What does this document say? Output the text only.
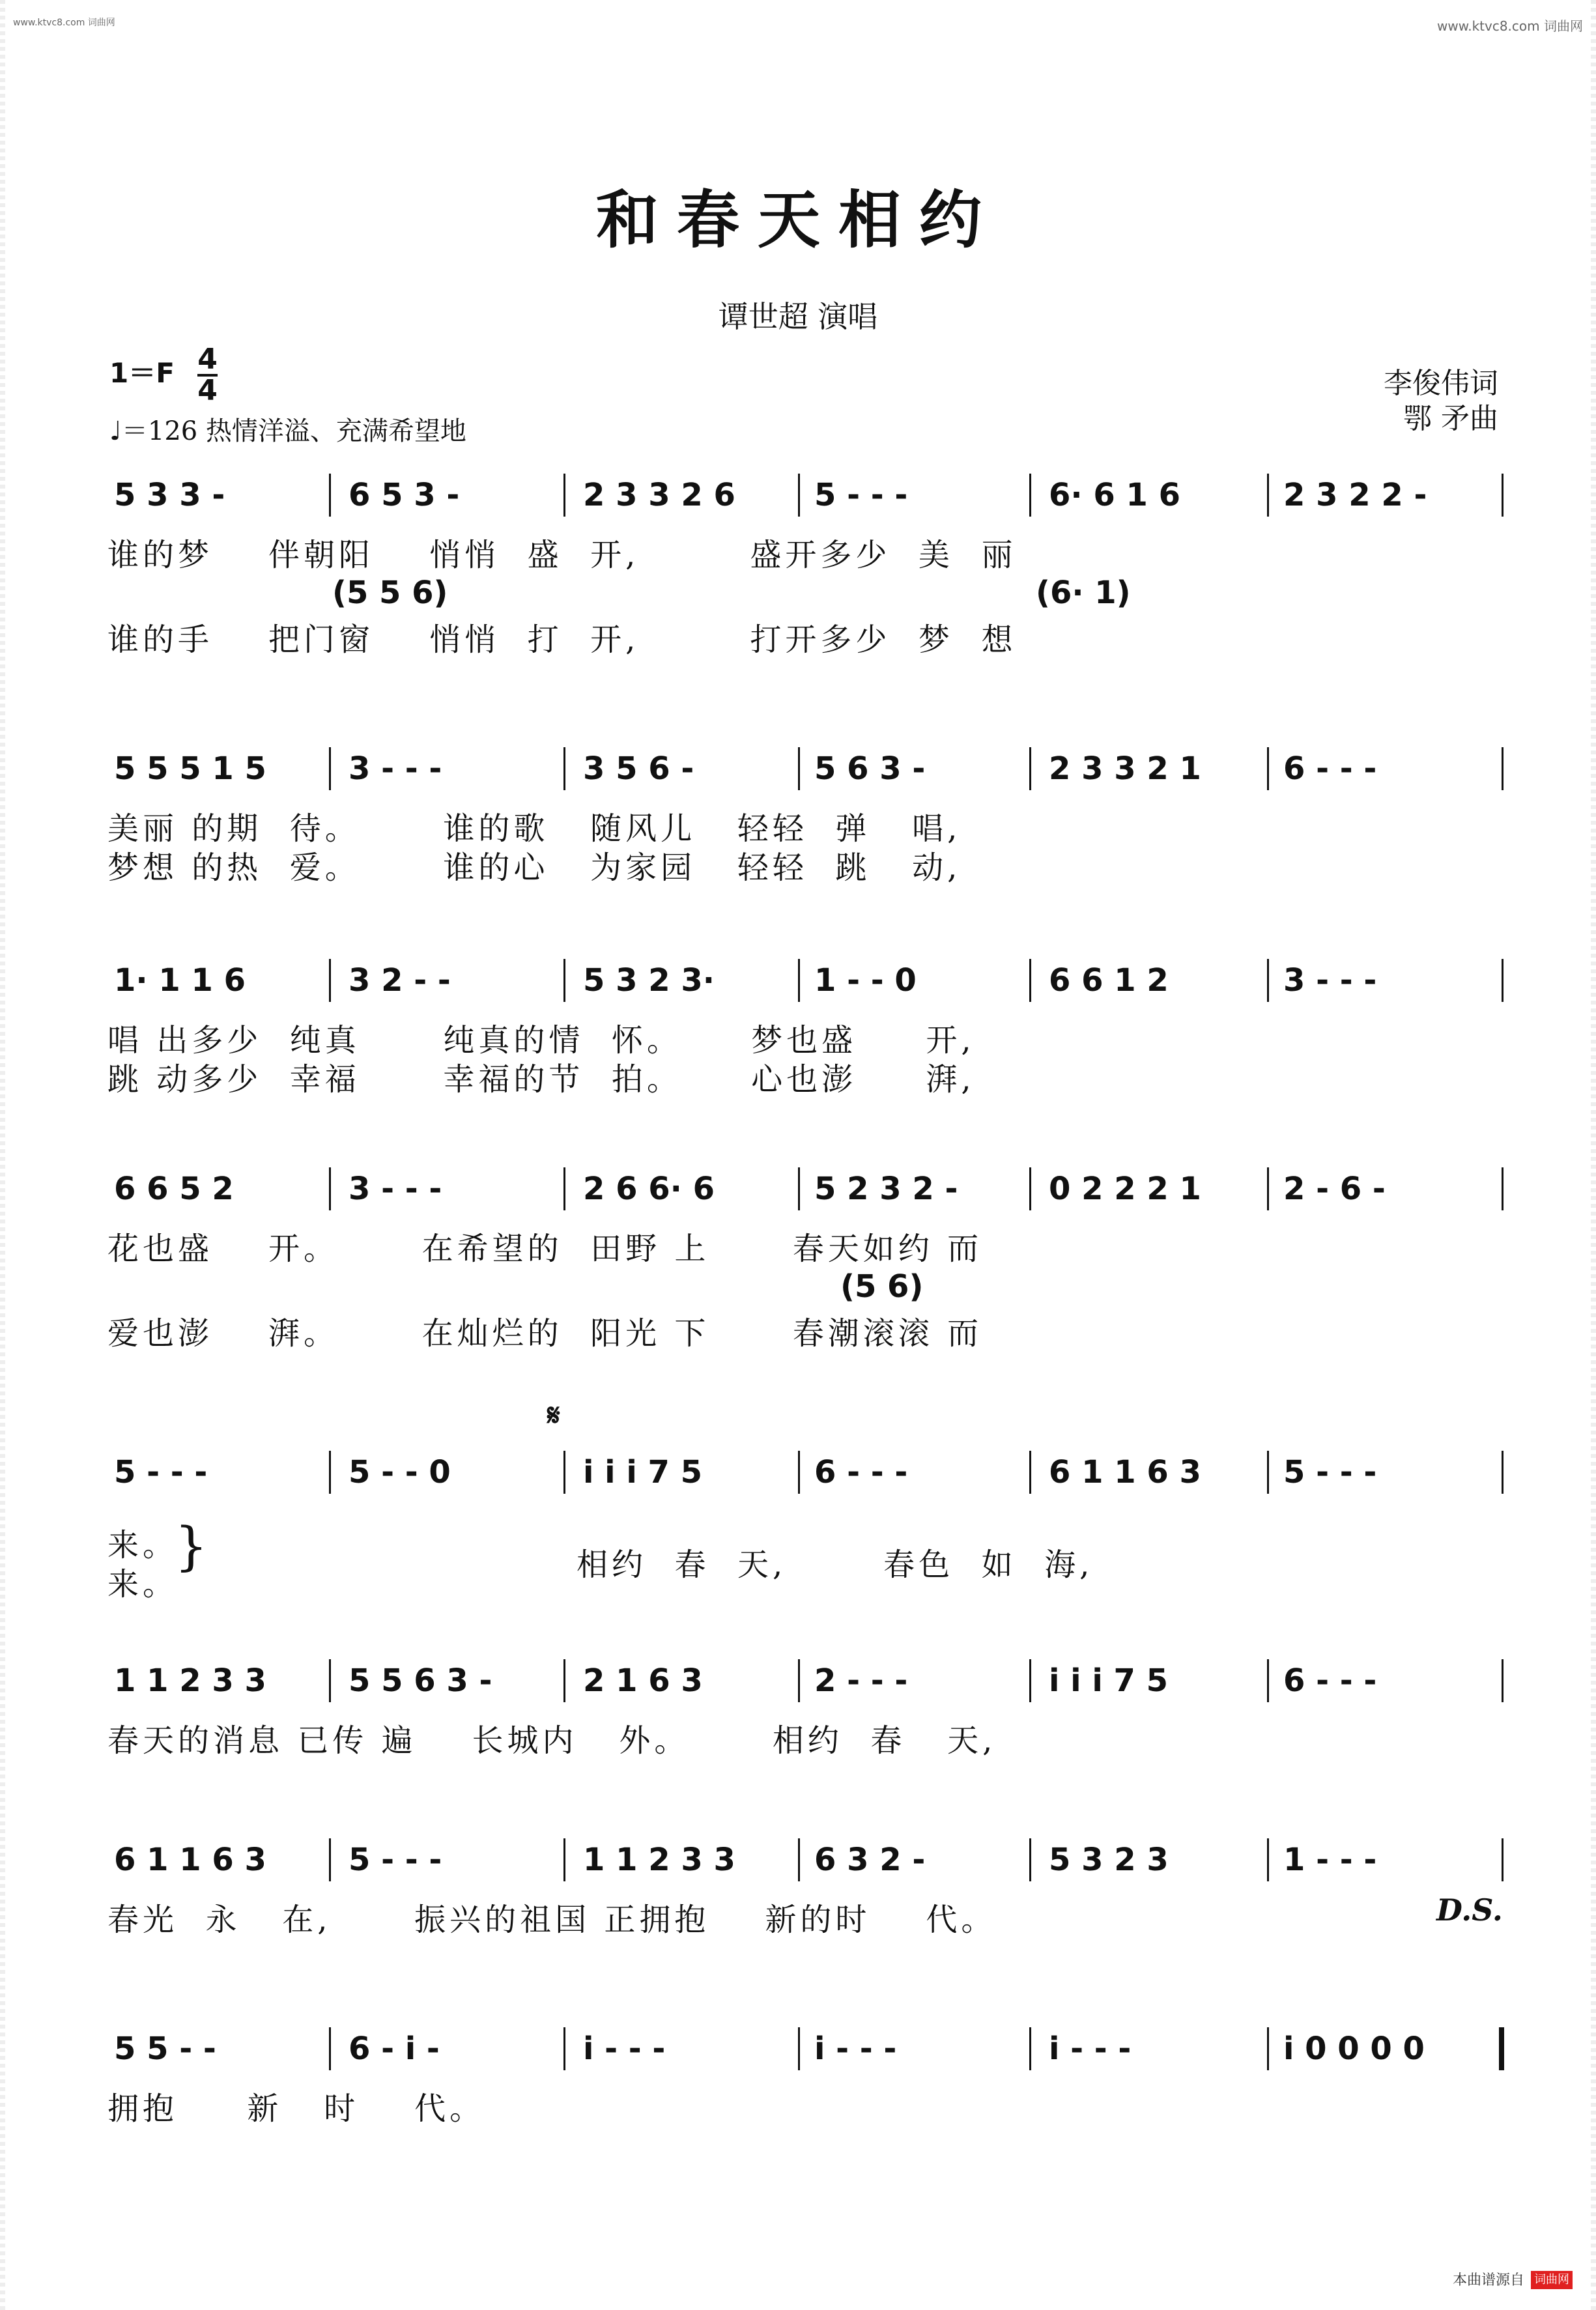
www.ktvc8.com 词曲网	www.ktvc8.com 词曲网
和春天相约
谭世超 演唱
$1=F \frac{4}{4}$
♩＝126 热情洋溢、充满希望地
李俊伟词
鄂 矛曲
5 3 3 -	6 5 3 -	2 3 3 2 6	5 - - -	6· 6 1 6	2 3 2 2 -
谁的梦    伴朝阳    悄悄  盛  开,        盛开多少  美  丽
(5 5 6)	(6· 1)
谁的手    把门窗    悄悄  打  开,        打开多少  梦  想
5 5 5 1 5	3 - - -	3 5 6 -	5 6 3 -	2 3 3 2 1	6 - - -
美丽 的期  待。      谁的歌   随风儿   轻轻  弹   唱,
梦想 的热  爱。      谁的心   为家园   轻轻  跳   动,
1· 1 1 6	3 2 - -	5 3 2 3·	1 - - 0	6 6 1 2	3 - - -
唱 出多少  纯真      纯真的情  怀。     梦也盛     开,
跳 动多少  幸福      幸福的节  拍。     心也澎     湃,
6 6 5 2	3 - - -	2 6 6· 6	5 2 3 2 -	0 2 2 2 1	2 - 6 -
花也盛    开。      在希望的  田野 上      春天如约 而
(5 6)
爱也澎    湃。      在灿烂的  阳光 下      春潮滚滚 而
5 - - -	5 - - 0	i i i 7 5	6 - - -	6 1 1 6 3	5 - - -
𝄋
来。
来。
}	相约  春  天,       春色  如  海,
1 1 2 3 3	5 5 6 3 -	2 1 6 3	2 - - -	i i i 7 5	6 - - -
春天的消息 已传 遍    长城内   外。      相约  春   天,
6 1 1 6 3	5 - - -	1 1 2 3 3	6 3 2 -	5 3 2 3	1 - - -
D.S.
春光  永   在,      振兴的祖国 正拥抱    新的时    代。
5 5 - -	6 - i -	i - - -	i - - -	i - - -	i 0 0 0 0
拥抱     新   时    代。
本曲谱源自 词曲网
